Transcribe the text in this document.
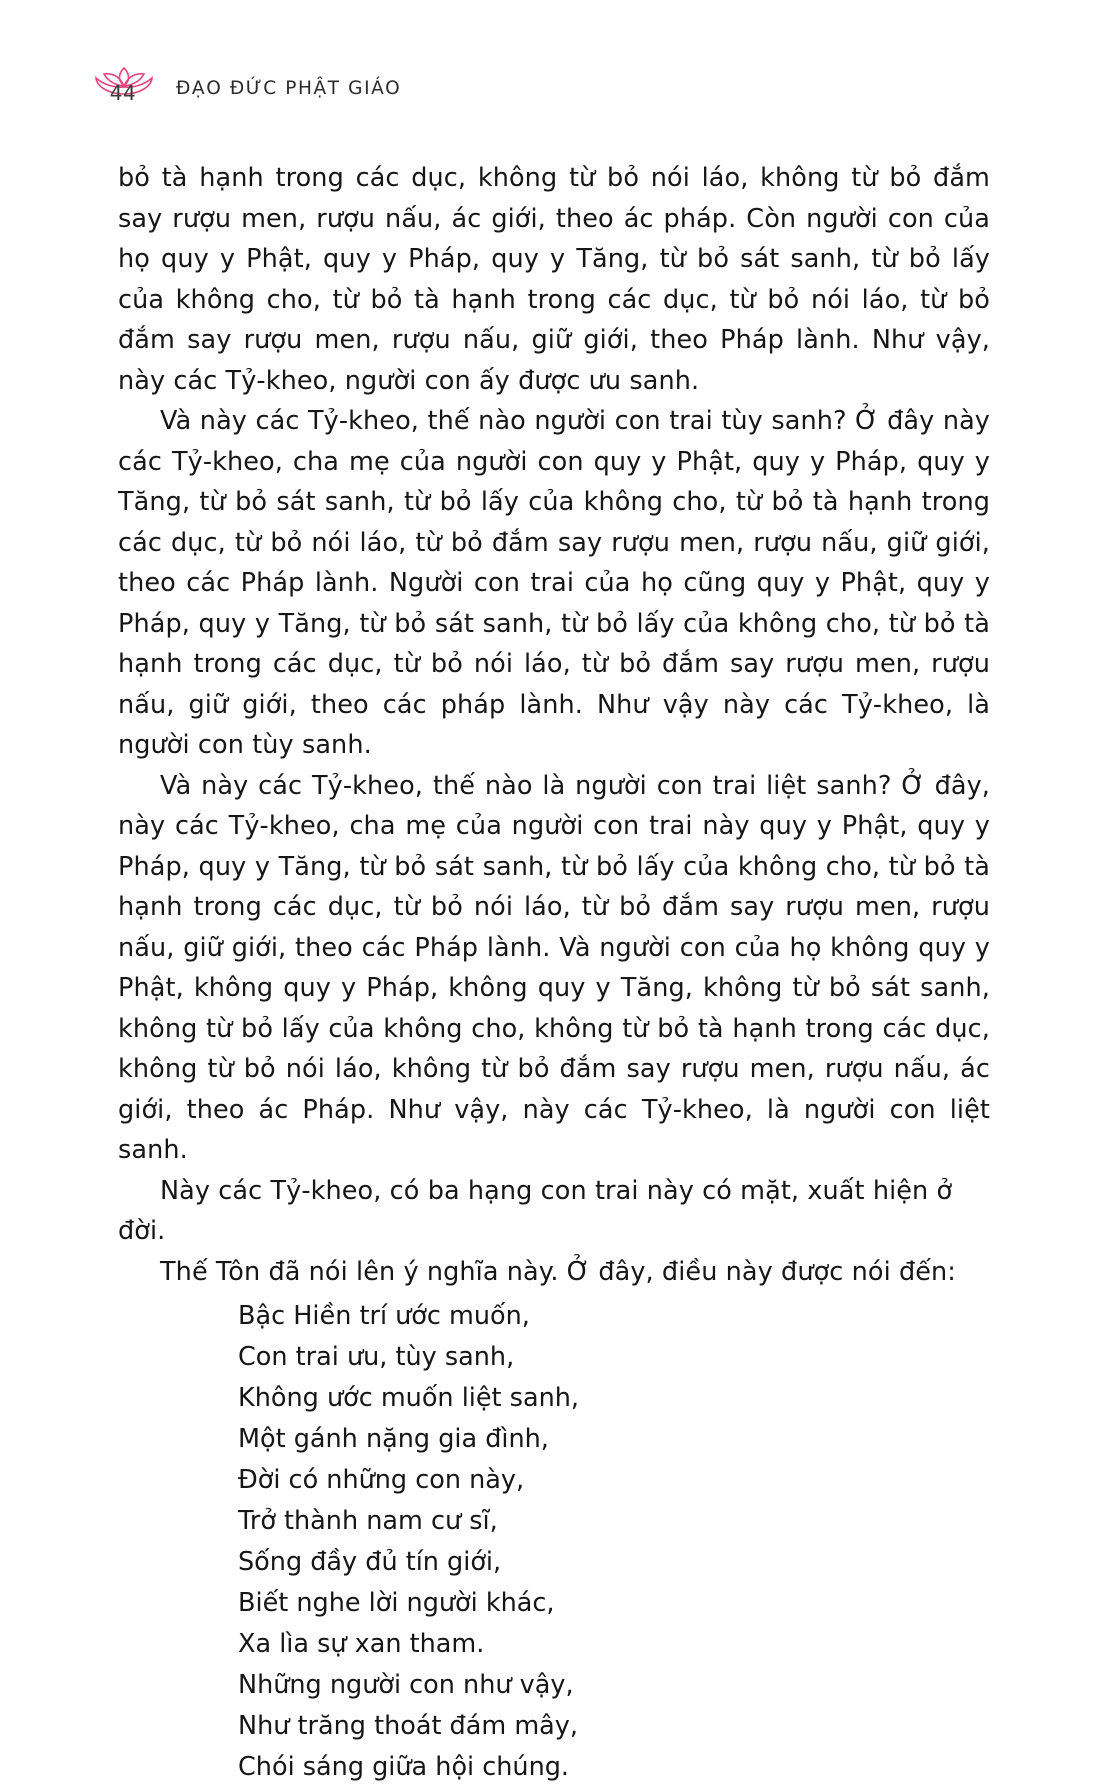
44 ĐẠO ĐỨC PHẬT GIÁO

bỏ tà hạnh trong các dục, không từ bỏ nói láo, không từ bỏ đắm say rượu men, rượu nấu, ác giới, theo ác pháp. Còn người con của họ quy y Phật, quy y Pháp, quy y Tăng, từ bỏ sát sanh, từ bỏ lấy của không cho, từ bỏ tà hạnh trong các dục, từ bỏ nói láo, từ bỏ đắm say rượu men, rượu nấu, giữ giới, theo Pháp lành. Như vậy, này các Tỷ-kheo, người con ấy được ưu sanh.

Và này các Tỷ-kheo, thế nào người con trai tùy sanh? Ở đây này các Tỷ-kheo, cha mẹ của người con quy y Phật, quy y Pháp, quy y Tăng, từ bỏ sát sanh, từ bỏ lấy của không cho, từ bỏ tà hạnh trong các dục, từ bỏ nói láo, từ bỏ đắm say rượu men, rượu nấu, giữ giới, theo các Pháp lành. Người con trai của họ cũng quy y Phật, quy y Pháp, quy y Tăng, từ bỏ sát sanh, từ bỏ lấy của không cho, từ bỏ tà hạnh trong các dục, từ bỏ nói láo, từ bỏ đắm say rượu men, rượu nấu, giữ giới, theo các pháp lành. Như vậy này các Tỷ-kheo, là người con tùy sanh.

Và này các Tỷ-kheo, thế nào là người con trai liệt sanh? Ở đây, này các Tỷ-kheo, cha mẹ của người con trai này quy y Phật, quy y Pháp, quy y Tăng, từ bỏ sát sanh, từ bỏ lấy của không cho, từ bỏ tà hạnh trong các dục, từ bỏ nói láo, từ bỏ đắm say rượu men, rượu nấu, giữ giới, theo các Pháp lành. Và người con của họ không quy y Phật, không quy y Pháp, không quy y Tăng, không từ bỏ sát sanh, không từ bỏ lấy của không cho, không từ bỏ tà hạnh trong các dục, không từ bỏ nói láo, không từ bỏ đắm say rượu men, rượu nấu, ác giới, theo ác Pháp. Như vậy, này các Tỷ-kheo, là người con liệt sanh.

Này các Tỷ-kheo, có ba hạng con trai này có mặt, xuất hiện ở đời.

Thế Tôn đã nói lên ý nghĩa này. Ở đây, điều này được nói đến:

Bậc Hiền trí ước muốn,
Con trai ưu, tùy sanh,
Không ước muốn liệt sanh,
Một gánh nặng gia đình,
Đời có những con này,
Trở thành nam cư sĩ,
Sống đầy đủ tín giới,
Biết nghe lời người khác,
Xa lìa sự xan tham.
Những người con như vậy,
Như trăng thoát đám mây,
Chói sáng giữa hội chúng.
